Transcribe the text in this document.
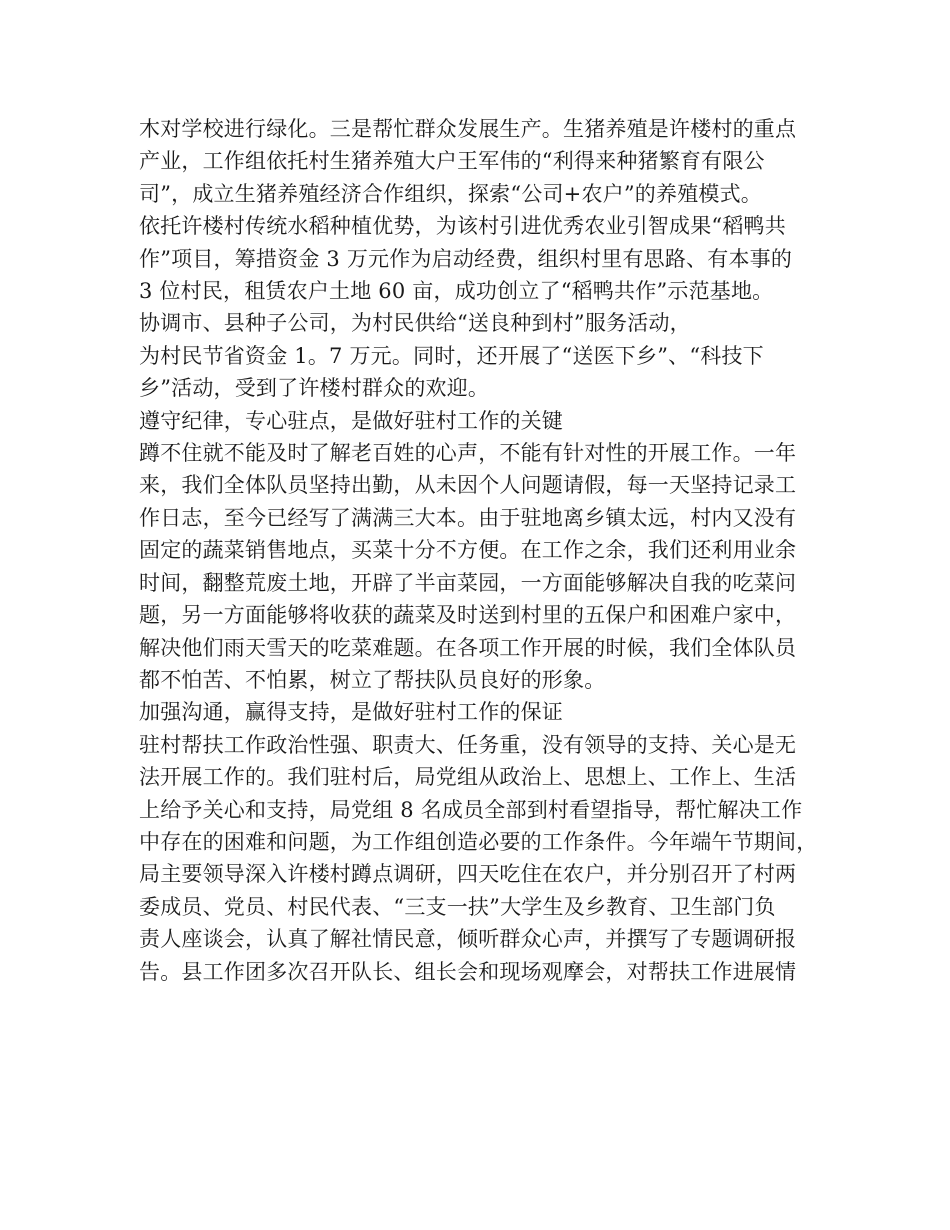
木对学校进行绿化。三是帮忙群众发展生产。生猪养殖是许楼村的重点
产业，工作组依托村生猪养殖大户王军伟的“利得来种猪繁育有限公
司”，成立生猪养殖经济合作组织，探索“公司+农户”的养殖模式。
依托许楼村传统水稻种植优势，为该村引进优秀农业引智成果“稻鸭共
作”项目，筹措资金 3 万元作为启动经费，组织村里有思路、有本事的
3 位村民，租赁农户土地 60 亩，成功创立了“稻鸭共作”示范基地。
协调市、县种子公司，为村民供给“送良种到村”服务活动，
为村民节省资金 1。7 万元。同时，还开展了“送医下乡”、“科技下
乡”活动，受到了许楼村群众的欢迎。
遵守纪律，专心驻点，是做好驻村工作的关键
蹲不住就不能及时了解老百姓的心声，不能有针对性的开展工作。一年
来，我们全体队员坚持出勤，从未因个人问题请假，每一天坚持记录工
作日志，至今已经写了满满三大本。由于驻地离乡镇太远，村内又没有
固定的蔬菜销售地点，买菜十分不方便。在工作之余，我们还利用业余
时间，翻整荒废土地，开辟了半亩菜园，一方面能够解决自我的吃菜问
题，另一方面能够将收获的蔬菜及时送到村里的五保户和困难户家中，
解决他们雨天雪天的吃菜难题。在各项工作开展的时候，我们全体队员
都不怕苦、不怕累，树立了帮扶队员良好的形象。
加强沟通，赢得支持，是做好驻村工作的保证
驻村帮扶工作政治性强、职责大、任务重，没有领导的支持、关心是无
法开展工作的。我们驻村后，局党组从政治上、思想上、工作上、生活
上给予关心和支持，局党组 8 名成员全部到村看望指导，帮忙解决工作
中存在的困难和问题，为工作组创造必要的工作条件。今年端午节期间，
局主要领导深入许楼村蹲点调研，四天吃住在农户，并分别召开了村两
委成员、党员、村民代表、“三支一扶”大学生及乡教育、卫生部门负
责人座谈会，认真了解社情民意，倾听群众心声，并撰写了专题调研报
告。县工作团多次召开队长、组长会和现场观摩会，对帮扶工作进展情
